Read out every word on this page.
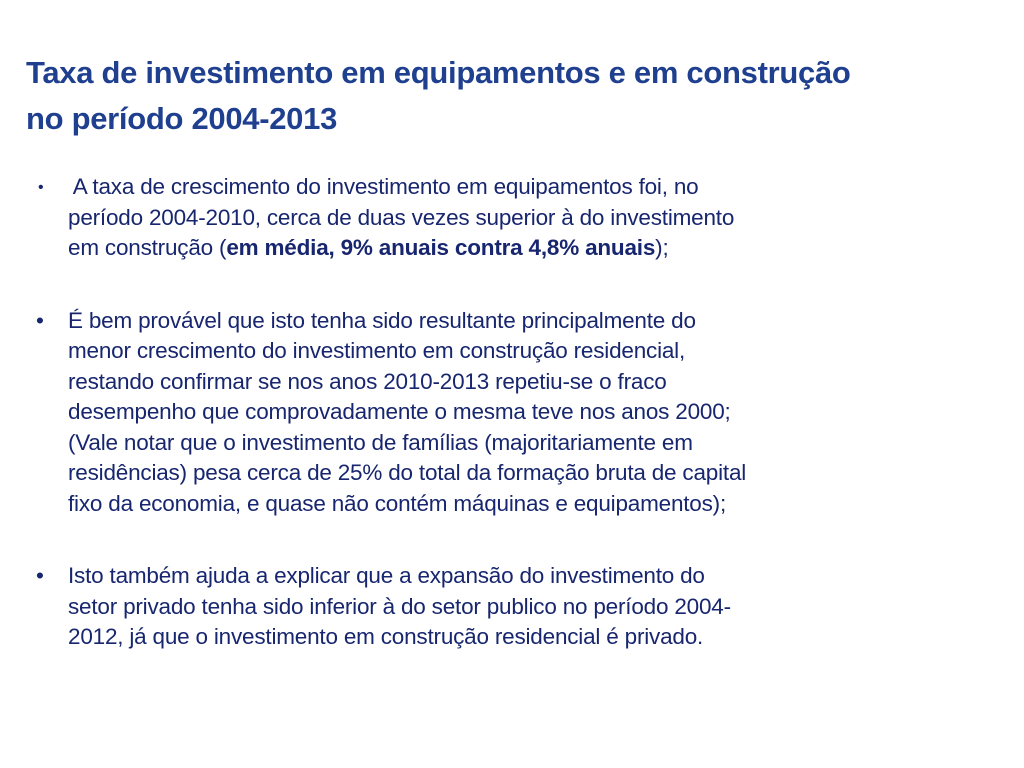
Taxa de investimento em equipamentos e em construção
no período 2004-2013
• A taxa de crescimento do investimento em equipamentos foi, no
período 2004-2010, cerca de duas vezes superior à do investimento
em construção (em média, 9% anuais contra 4,8% anuais);
• É bem provável que isto tenha sido resultante principalmente do
menor crescimento do investimento em construção residencial,
restando confirmar se nos anos 2010-2013 repetiu-se o fraco
desempenho que comprovadamente o mesma teve nos anos 2000;
(Vale notar que o investimento de famílias (majoritariamente em
residências) pesa cerca de 25% do total da formação bruta de capital
fixo da economia, e quase não contém máquinas e equipamentos);
• Isto também ajuda a explicar que a expansão do investimento do
setor privado tenha sido inferior à do setor publico no período 2004-
2012, já que o investimento em construção residencial é privado.
